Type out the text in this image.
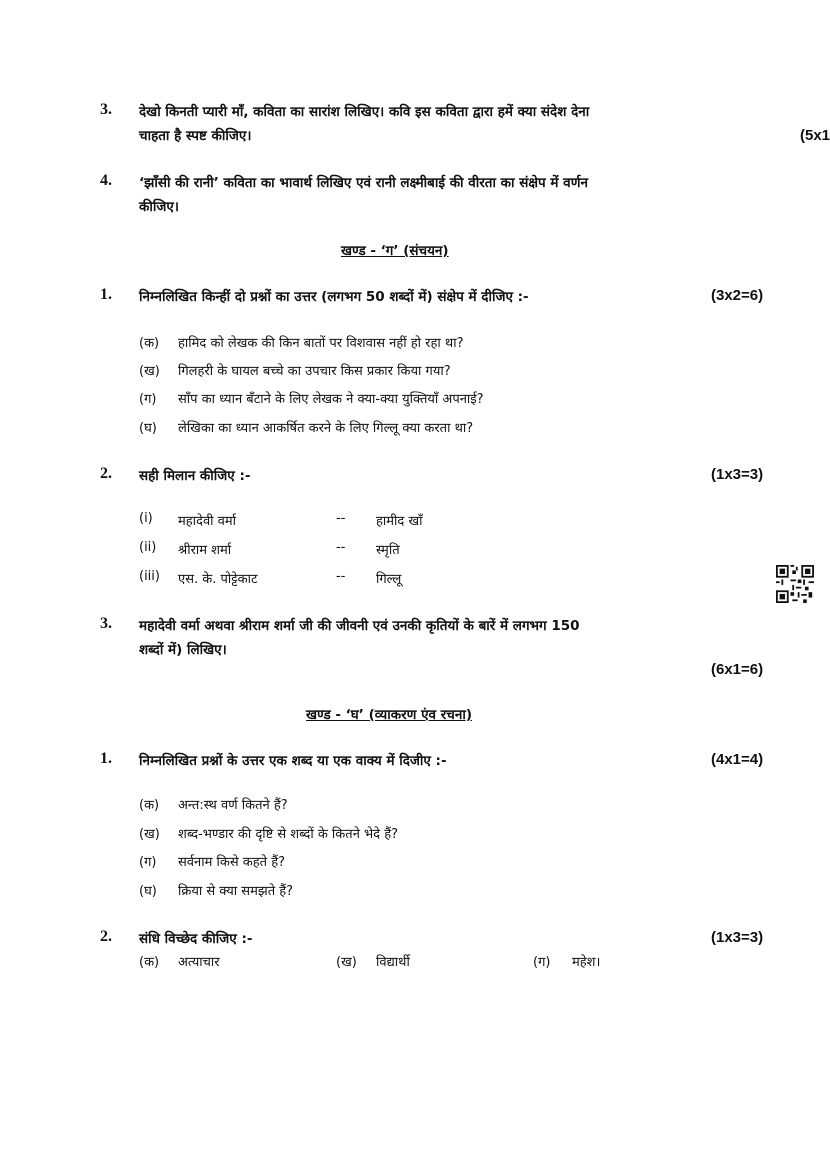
3. देखो किनती प्यारी माँ, कविता का सारांश लिखिए। कवि इस कविता द्वारा हमें क्या संदेश देना
चाहता है स्पष्ट कीजिए।	(5x1
4. ‘झाँसी की रानी’ कविता का भावार्थ लिखिए एवं रानी लक्ष्मीबाई की वीरता का संक्षेप में वर्णन
कीजिए।
खण्ड - ‘ग’ (संचयन)
1. निम्नलिखित किन्हीं दो प्रश्नों का उत्तर (लगभग 50 शब्दों में) संक्षेप में दीजिए :-	(3x2=6)
(क) हामिद को लेखक की किन बातों पर विशवास नहीं हो रहा था?
(ख) गिलहरी के घायल बच्चे का उपचार किस प्रकार किया गया?
(ग) साँप का ध्यान बँटाने के लिए लेखक ने क्या-क्या युक्तियाँ अपनाई?
(घ) लेखिका का ध्यान आकर्षित करने के लिए गिल्लू क्या करता था?
2. सही मिलान कीजिए :-	(1x3=3)
(i) महादेवी वर्मा	-- हामीद खाँ
(ii) श्रीराम शर्मा	-- स्मृति
(iii) एस. के. पोट्टेकाट	-- गिल्लू
3. महादेवी वर्मा अथवा श्रीराम शर्मा जी की जीवनी एवं उनकी कृतियों के बारें में लगभग 150
शब्दों में) लिखिए।
(6x1=6)
खण्ड - ‘घ’ (व्याकरण एंव रचना)
1. निम्नलिखित प्रश्नों के उत्तर एक शब्द या एक वाक्य में दिजीए :-	(4x1=4)
(क) अन्त:स्थ वर्ण कितने हैं?
(ख) शब्द-भण्डार की दृष्टि से शब्दों के कितने भेदे हैं?
(ग) सर्वनाम किसे कहते हैं?
(घ) क्रिया से क्या समझते हैं?
2. संधि विच्छेद कीजिए :-	(1x3=3)
(क) अत्याचार	(ख) विद्यार्थी	(ग) महेश।
